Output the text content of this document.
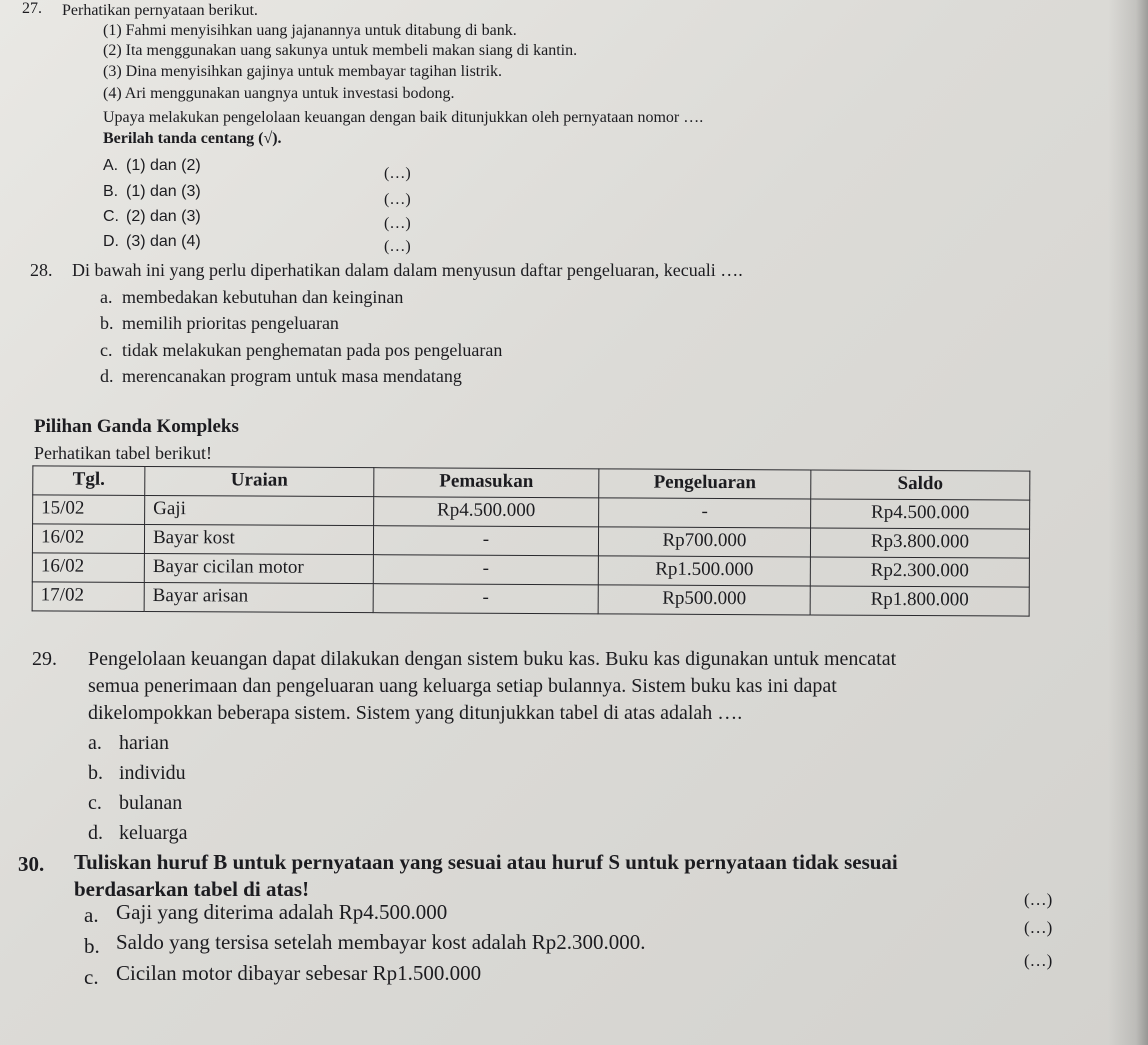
27. Perhatikan pernyataan berikut.
(1) Fahmi menyisihkan uang jajanannya untuk ditabung di bank.
(2) Ita menggunakan uang sakunya untuk membeli makan siang di kantin.
(3) Dina menyisihkan gajinya untuk membayar tagihan listrik.
(4) Ari menggunakan uangnya untuk investasi bodong.
Upaya melakukan pengelolaan keuangan dengan baik ditunjukkan oleh pernyataan nomor ….
Berilah tanda centang (√).
A. (1) dan (2)	(…)
B. (1) dan (3)	(…)
C. (2) dan (3)	(…)
D. (3) dan (4)	(…)
28. Di bawah ini yang perlu diperhatikan dalam dalam menyusun daftar pengeluaran, kecuali ….
a. membedakan kebutuhan dan keinginan
b. memilih prioritas pengeluaran
c. tidak melakukan penghematan pada pos pengeluaran
d. merencanakan program untuk masa mendatang
Pilihan Ganda Kompleks
Perhatikan tabel berikut!
Tgl.	Uraian	Pemasukan	Pengeluaran	Saldo
15/02	Gaji	Rp4.500.000	-	Rp4.500.000
16/02	Bayar kost	-	Rp700.000	Rp3.800.000
16/02	Bayar cicilan motor	-	Rp1.500.000	Rp2.300.000
17/02	Bayar arisan	-	Rp500.000	Rp1.800.000
29. Pengelolaan keuangan dapat dilakukan dengan sistem buku kas. Buku kas digunakan untuk mencatat
semua penerimaan dan pengeluaran uang keluarga setiap bulannya. Sistem buku kas ini dapat
dikelompokkan beberapa sistem. Sistem yang ditunjukkan tabel di atas adalah ….
a. harian
b. individu
c. bulanan
d. keluarga
30. Tuliskan huruf B untuk pernyataan yang sesuai atau huruf S untuk pernyataan tidak sesuai
berdasarkan tabel di atas!	(…)
a. Gaji yang diterima adalah Rp4.500.000
(…)
b. Saldo yang tersisa setelah membayar kost adalah Rp2.300.000.
(…)
c. Cicilan motor dibayar sebesar Rp1.500.000
